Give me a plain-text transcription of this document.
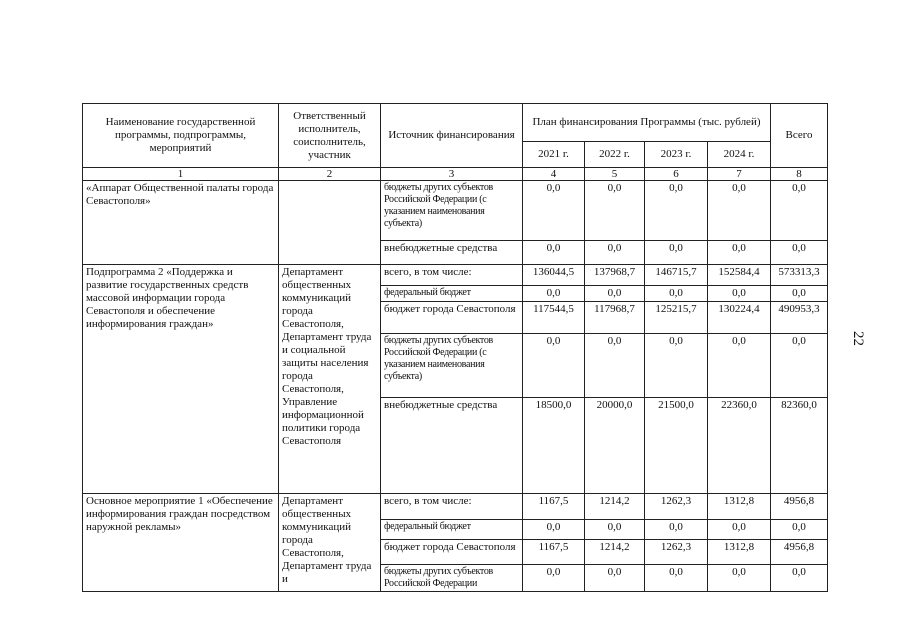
22
Наименование государственной программы, подпрограммы, мероприятий	Ответственный исполнитель, соисполнитель, участник	Источник финансирования	План финансирования Программы (тыс. рублей)				Всего
			2021 г.	2022 г.	2023 г.	2024 г.	
1	2	3	4	5	6	7	8
«Аппарат Общественной палаты города Севастополя»		бюджеты других субъектов Российской Федерации (с указанием наименования субъекта)	0,0	0,0	0,0	0,0	0,0
		внебюджетные средства	0,0	0,0	0,0	0,0	0,0
Подпрограмма 2 «Поддержка и развитие государственных средств массовой информации города Севастополя и обеспечение информирования граждан»	Департамент общественных коммуникаций города Севастополя, Департамент труда и социальной защиты населения города Севастополя, Управление информационной политики города Севастополя	всего, в том числе:	136044,5	137968,7	146715,7	152584,4	573313,3
		федеральный бюджет	0,0	0,0	0,0	0,0	0,0
		бюджет города Севастополя	117544,5	117968,7	125215,7	130224,4	490953,3
		бюджеты других субъектов Российской Федерации (с указанием наименования субъекта)	0,0	0,0	0,0	0,0	0,0
		внебюджетные средства	18500,0	20000,0	21500,0	22360,0	82360,0
Основное мероприятие 1 «Обеспечение информирования граждан посредством наружной рекламы»	Департамент общественных коммуникаций города Севастополя, Департамент труда и	всего, в том числе:	1167,5	1214,2	1262,3	1312,8	4956,8
		федеральный бюджет	0,0	0,0	0,0	0,0	0,0
		бюджет города Севастополя	1167,5	1214,2	1262,3	1312,8	4956,8
		бюджеты других субъектов Российской Федерации	0,0	0,0	0,0	0,0	0,0
